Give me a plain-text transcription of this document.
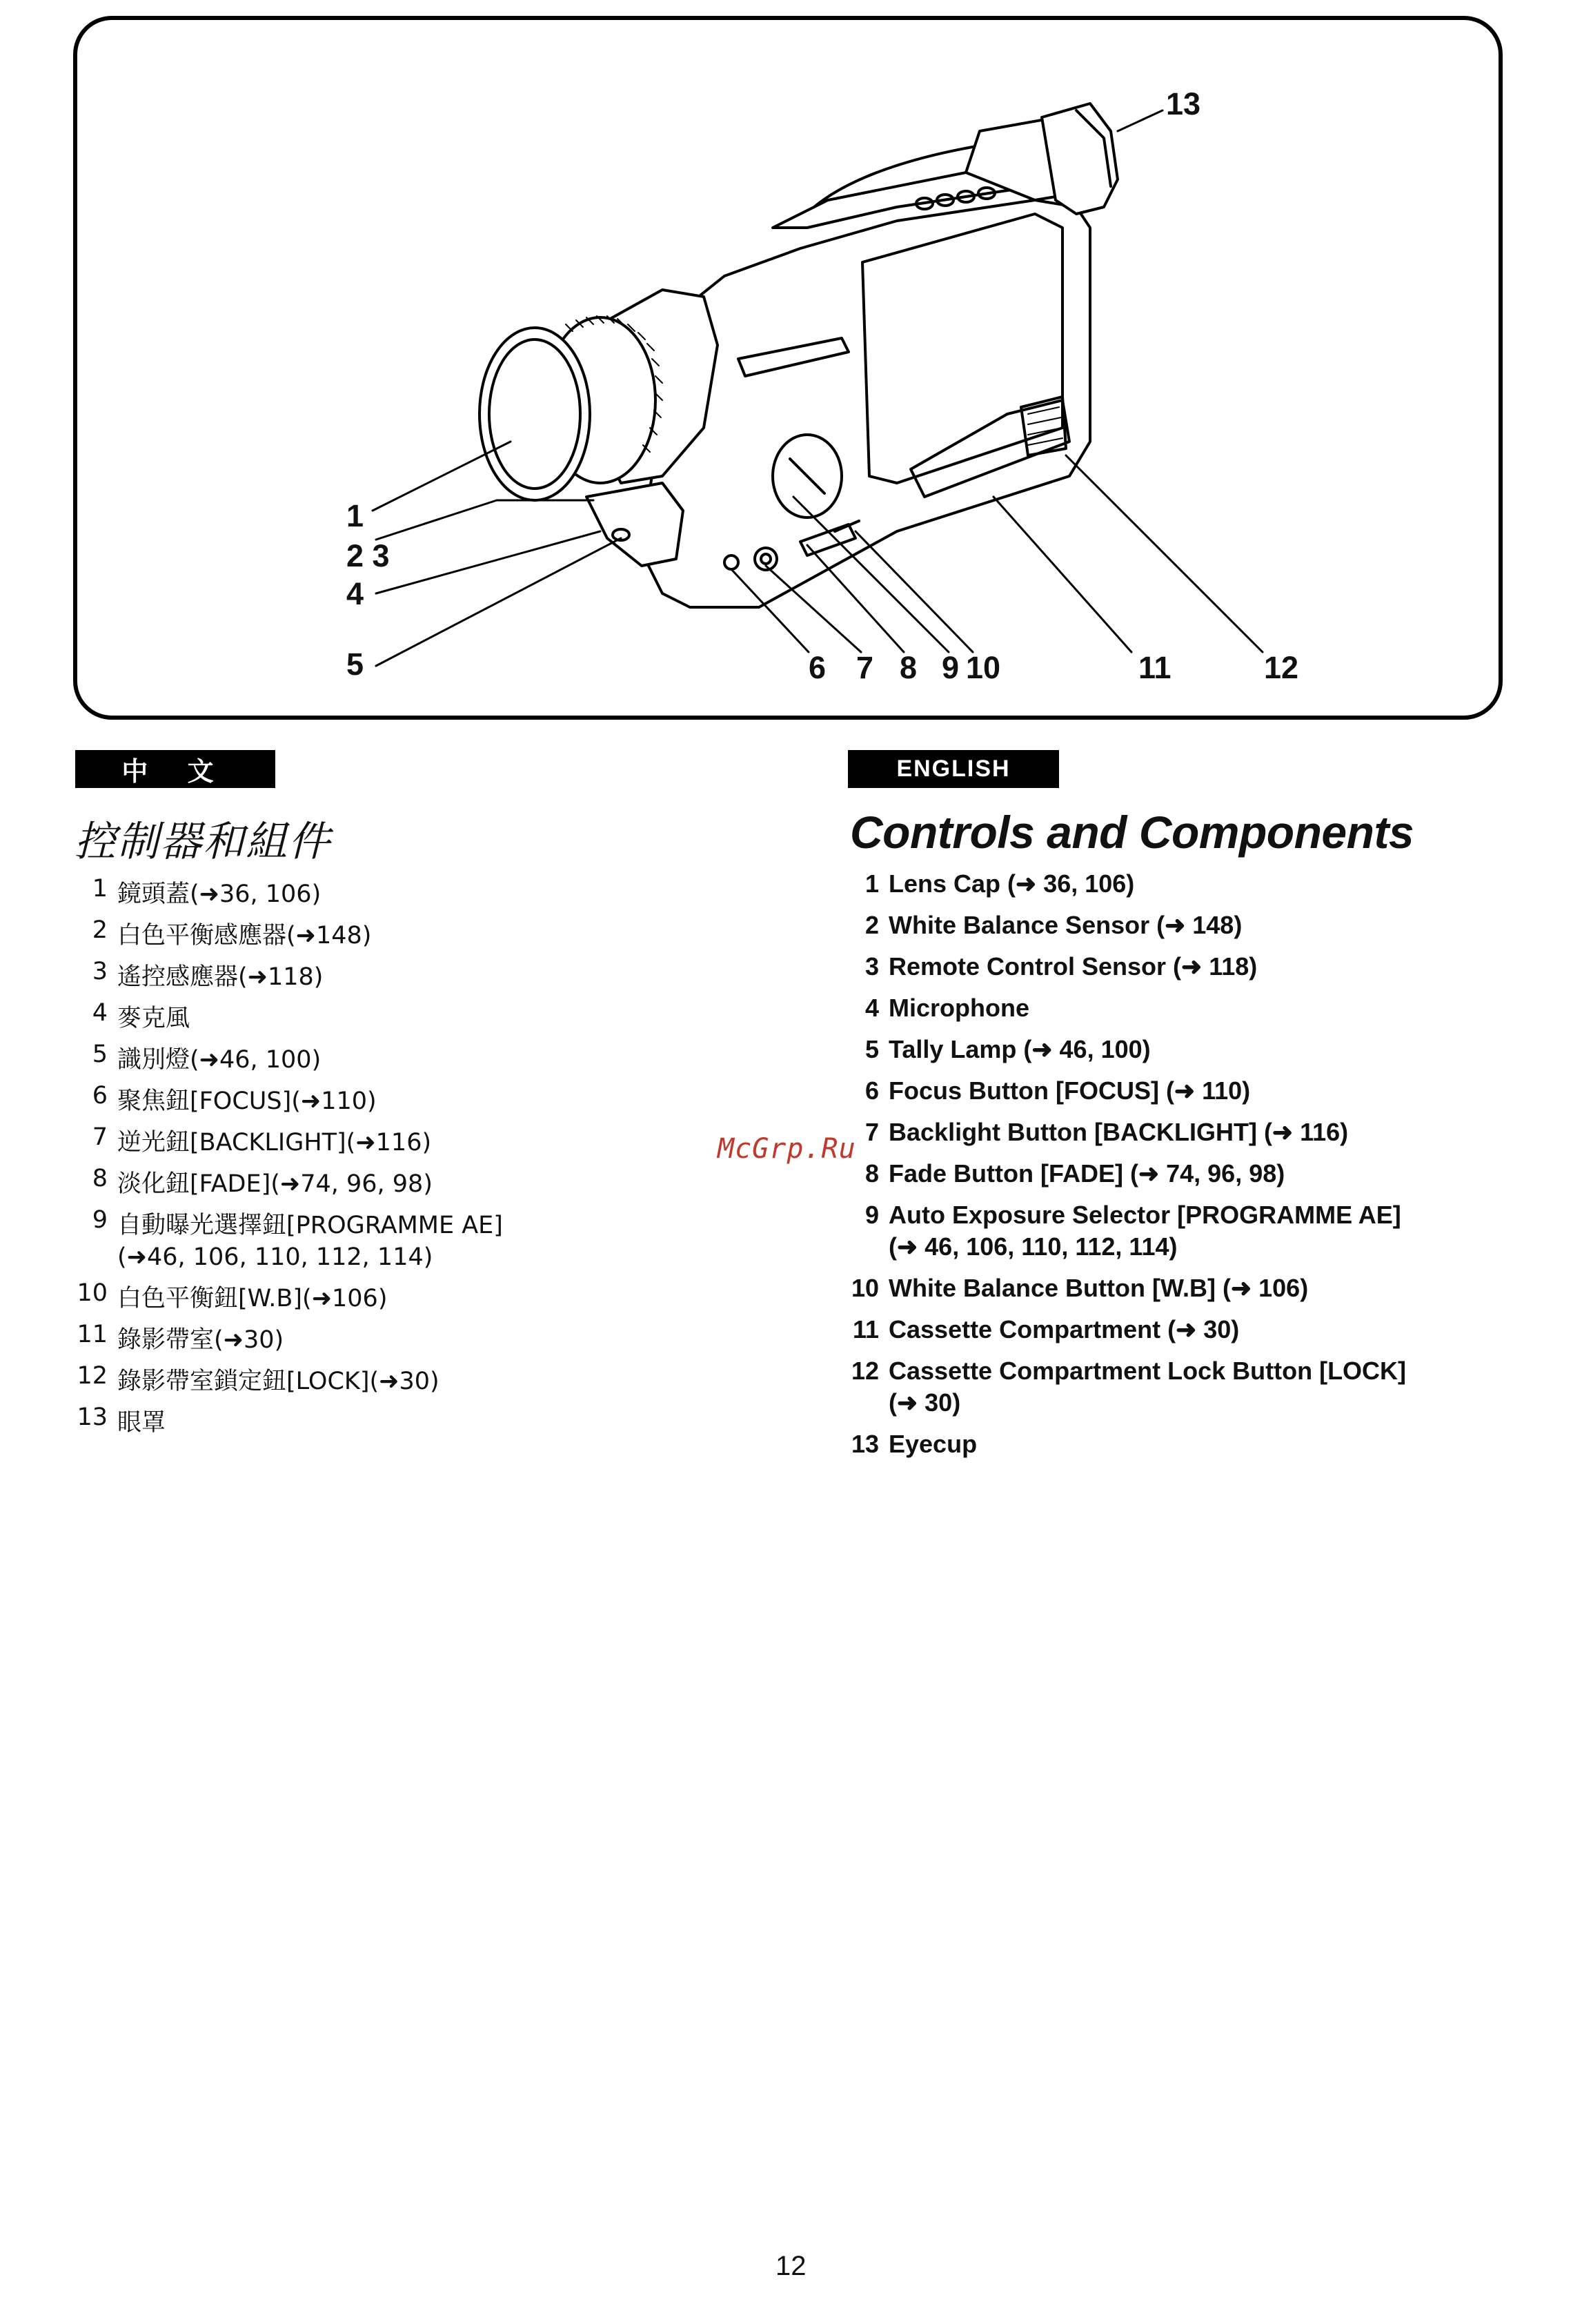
1
2 3
4
5	6 7 8 9 10	11	12
13
中 文	ENGLISH
控制器和組件	Controls and Components
1 鏡頭蓋(➜36, 106)
2 白色平衡感應器(➜148)
3 遙控感應器(➜118)
4 麥克風
5 識別燈(➜46, 100)
6 聚焦鈕[FOCUS](➜110)
7 逆光鈕[BACKLIGHT](➜116)
8 淡化鈕[FADE](➜74, 96, 98)
9 自動曝光選擇鈕[PROGRAMME AE]
(➜46, 106, 110, 112, 114)
10 白色平衡鈕[W.B](➜106)
11 錄影帶室(➜30)
12 錄影帶室鎖定鈕[LOCK](➜30)
13 眼罩
1 Lens Cap (➜ 36, 106)
2 White Balance Sensor (➜ 148)
3 Remote Control Sensor (➜ 118)
4 Microphone
5 Tally Lamp (➜ 46, 100)
6 Focus Button [FOCUS] (➜ 110)
7 Backlight Button [BACKLIGHT] (➜ 116)
8 Fade Button [FADE] (➜ 74, 96, 98)
9 Auto Exposure Selector [PROGRAMME AE]
(➜ 46, 106, 110, 112, 114)
10 White Balance Button [W.B] (➜ 106)
11 Cassette Compartment (➜ 30)
12 Cassette Compartment Lock Button [LOCK]
(➜ 30)
13 Eyecup
McGrp.Ru
12
